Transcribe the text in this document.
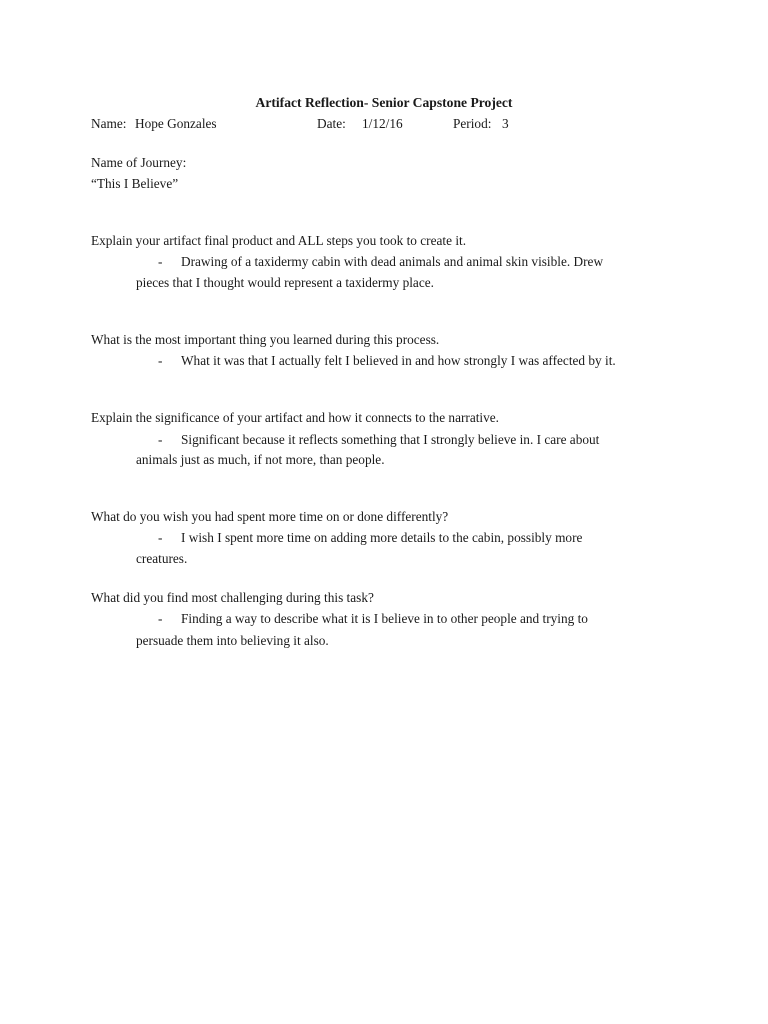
Artifact Reflection- Senior Capstone Project
Name: Hope Gonzales	Date: 1/12/16	Period: 3
Name of Journey:
“This I Believe”
Explain your artifact final product and ALL steps you took to create it.
- Drawing of a taxidermy cabin with dead animals and animal skin visible. Drew
pieces that I thought would represent a taxidermy place.
What is the most important thing you learned during this process.
- What it was that I actually felt I believed in and how strongly I was affected by it.
Explain the significance of your artifact and how it connects to the narrative.
- Significant because it reflects something that I strongly believe in. I care about
animals just as much, if not more, than people.
What do you wish you had spent more time on or done differently?
- I wish I spent more time on adding more details to the cabin, possibly more
creatures.
What did you find most challenging during this task?
- Finding a way to describe what it is I believe in to other people and trying to
persuade them into believing it also.
